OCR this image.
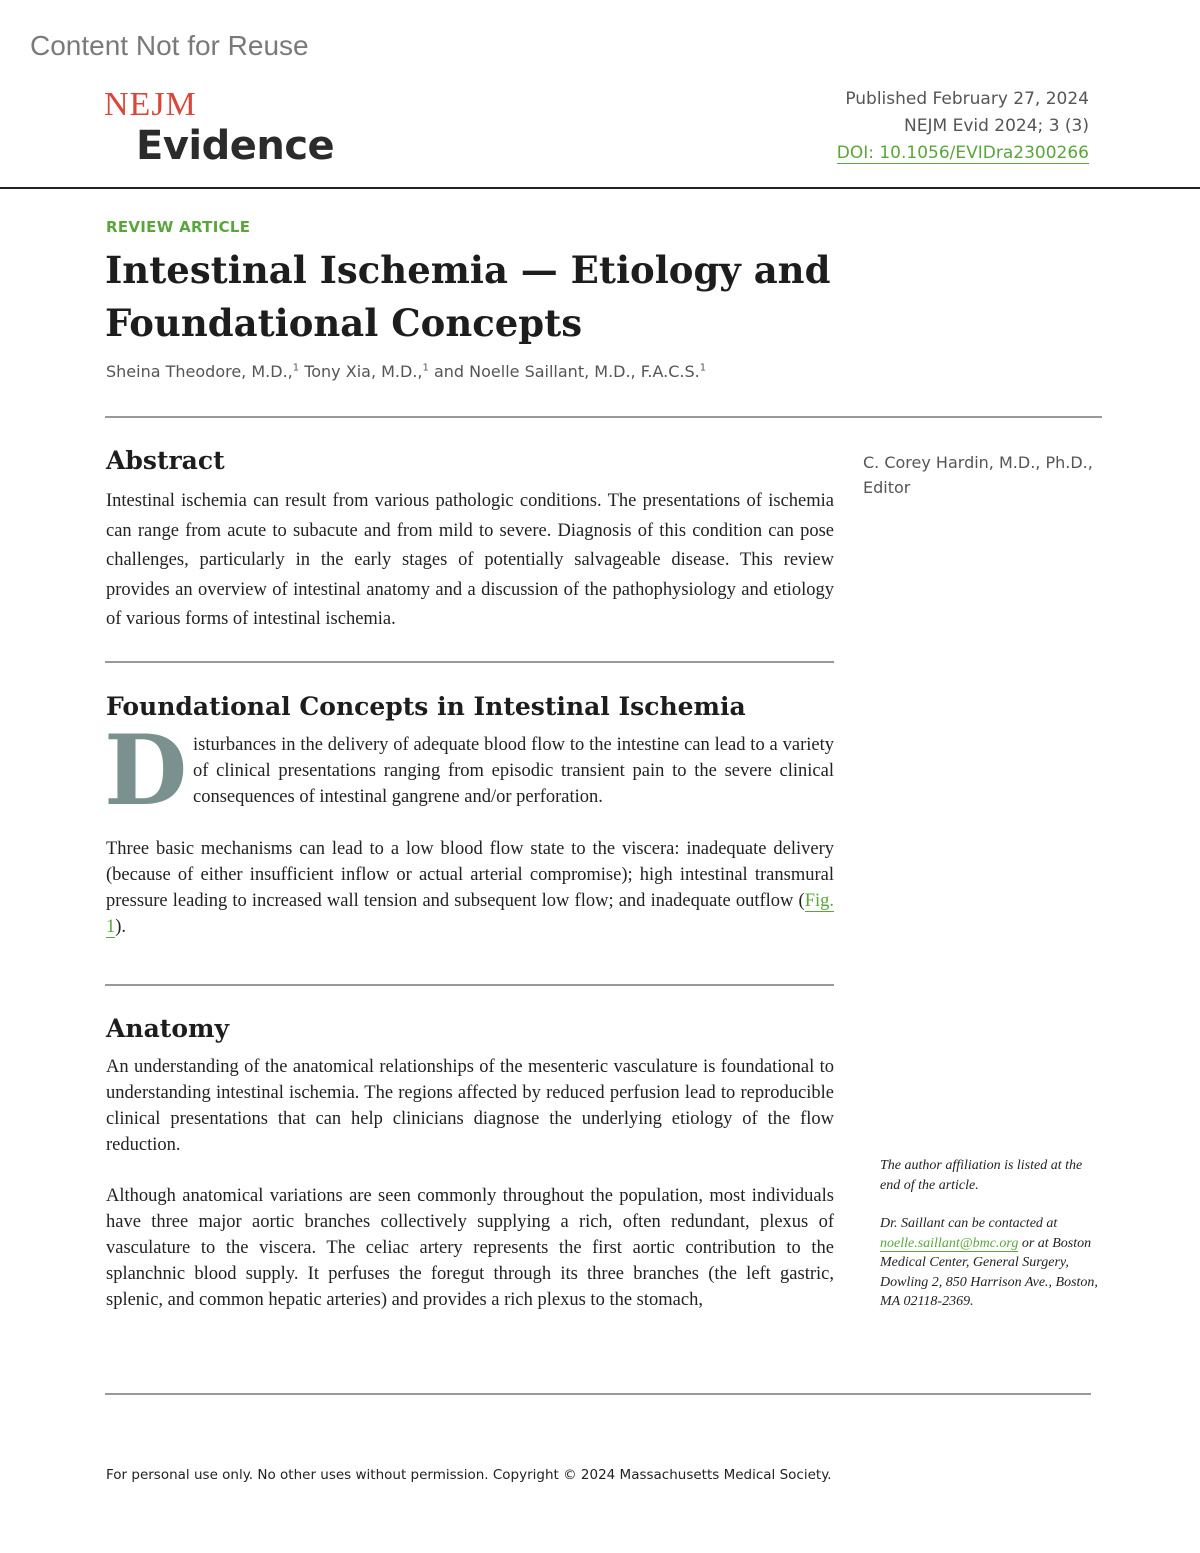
Content Not for Reuse
NEJM
Evidence
Published February 27, 2024
NEJM Evid 2024; 3 (3)
DOI: 10.1056/EVIDra2300266
REVIEW ARTICLE
Intestinal Ischemia — Etiology and Foundational Concepts
Sheina Theodore, M.D.,$^1$ Tony Xia, M.D.,$^1$ and Noelle Saillant, M.D., F.A.C.S.$^1$
Abstract

Intestinal ischemia can result from various pathologic conditions. The presentations of ischemia can range from acute to subacute and from mild to severe. Diagnosis of this condition can pose challenges, particularly in the early stages of potentially salvageable disease. This review provides an overview of intestinal anatomy and a discussion of the pathophysiology and etiology of various forms of intestinal ischemia.

C. Corey Hardin, M.D., Ph.D.,
Editor
Foundational Concepts in Intestinal Ischemia
D isturbances in the delivery of adequate blood flow to the intestine can lead to a variety of clinical presentations ranging from episodic transient pain to the severe clinical consequences of intestinal gangrene and/or perforation.

Three basic mechanisms can lead to a low blood flow state to the viscera: inadequate delivery (because of either insufficient inflow or actual arterial compromise); high intestinal transmural pressure leading to increased wall tension and subsequent low flow; and inadequate outflow (Fig. 1).

Anatomy

An understanding of the anatomical relationships of the mesenteric vasculature is foundational to understanding intestinal ischemia. The regions affected by reduced perfusion lead to reproducible clinical presentations that can help clinicians diagnose the underlying etiology of the flow reduction.

Although anatomical variations are seen commonly throughout the population, most individuals have three major aortic branches collectively supplying a rich, often redundant, plexus of vasculature to the viscera. The celiac artery represents the first aortic contribution to the splanchnic blood supply. It perfuses the foregut through its three branches (the left gastric, splenic, and common hepatic arteries) and provides a rich plexus to the stomach,

The author affiliation is listed at the end of the article.

Dr. Saillant can be contacted at noelle.saillant@bmc.org or at Boston Medical Center, General Surgery, Dowling 2, 850 Harrison Ave., Boston, MA 02118-2369.

For personal use only. No other uses without permission. Copyright © 2024 Massachusetts Medical Society.
